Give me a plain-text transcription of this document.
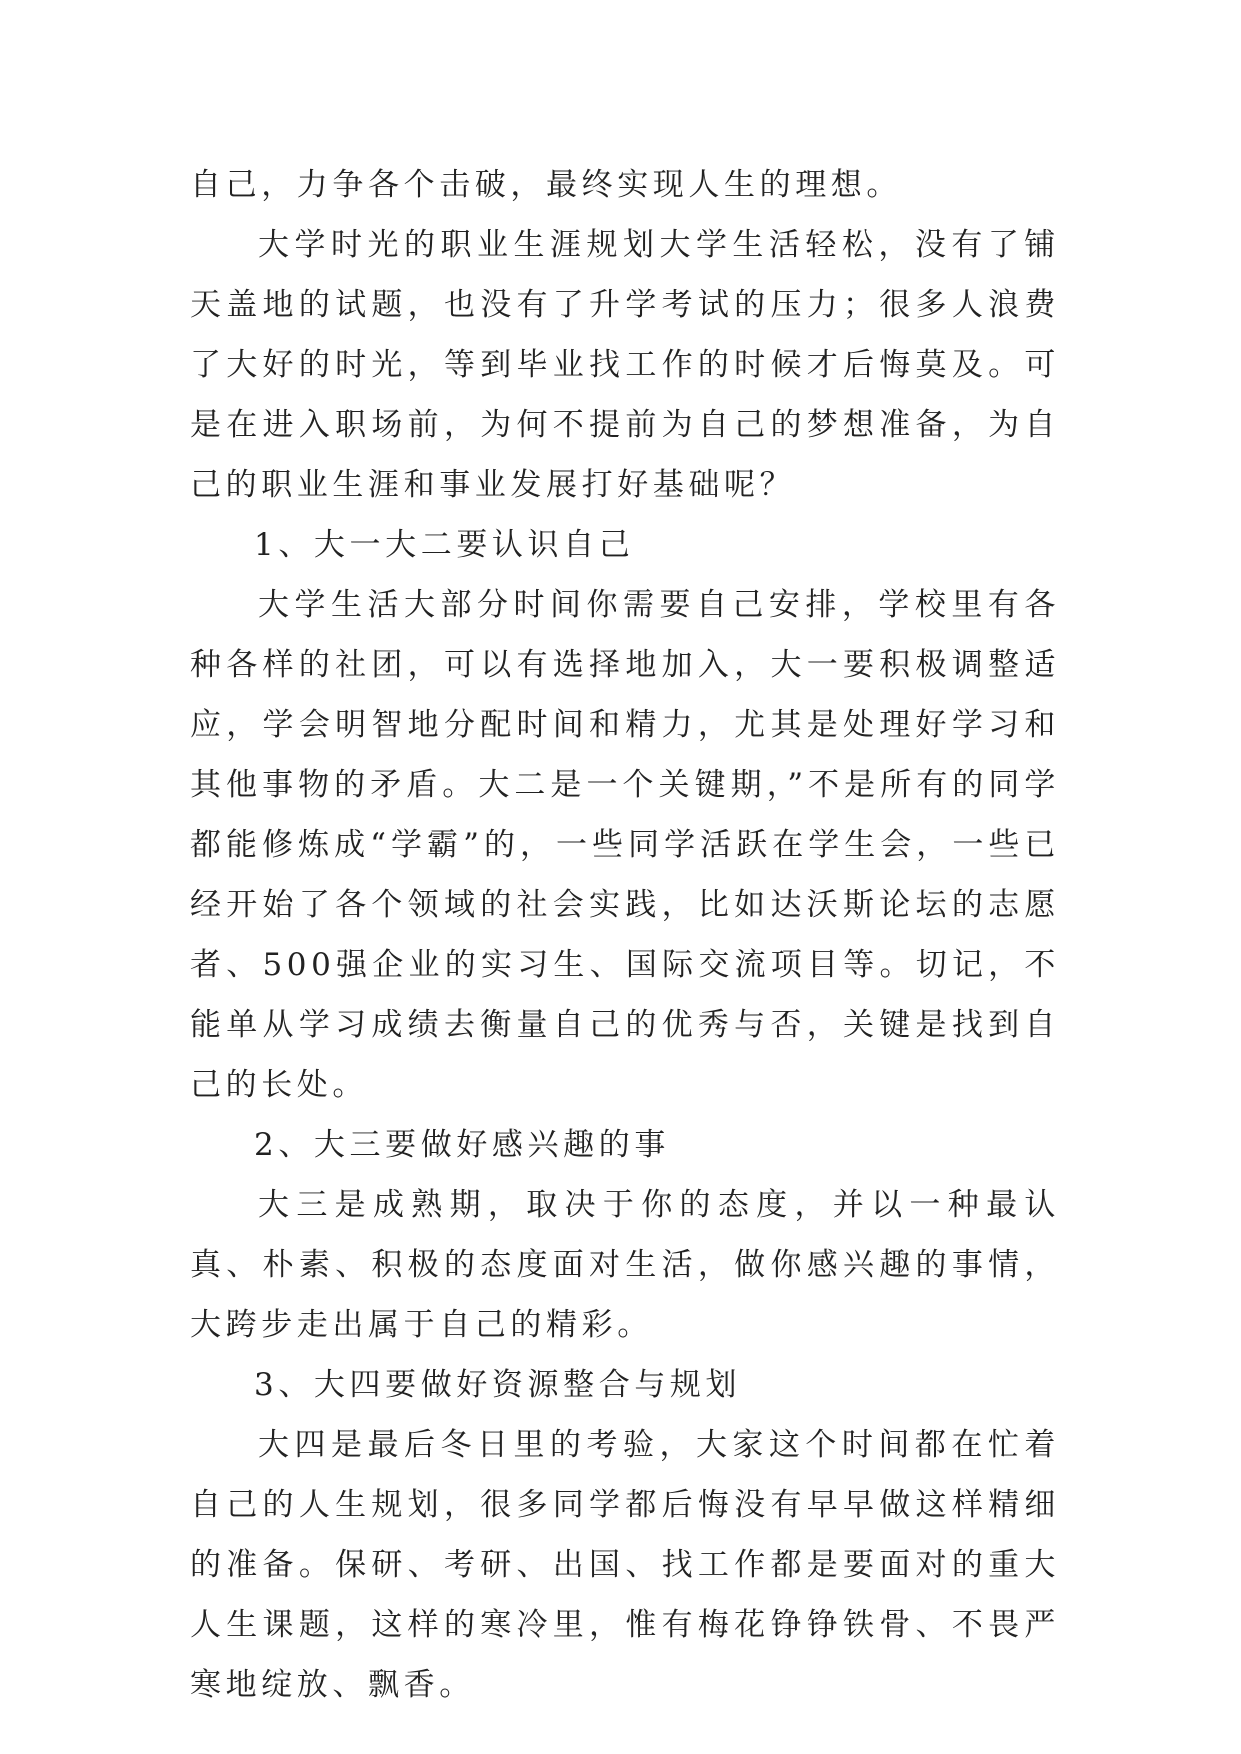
自己，力争各个击破，最终实现人生的理想。

大学时光的职业生涯规划大学生活轻松，没有了铺天盖地的试题，也没有了升学考试的压力；很多人浪费了大好的时光，等到毕业找工作的时候才后悔莫及。可是在进入职场前，为何不提前为自己的梦想准备，为自己的职业生涯和事业发展打好基础呢？

1、大一大二要认识自己

大学生活大部分时间你需要自己安排，学校里有各种各样的社团，可以有选择地加入，大一要积极调整适应，学会明智地分配时间和精力，尤其是处理好学习和其他事物的矛盾。大二是一个关键期，”不是所有的同学都能修炼成“学霸”的，一些同学活跃在学生会，一些已经开始了各个领域的社会实践，比如达沃斯论坛的志愿者、500强企业的实习生、国际交流项目等。切记，不能单从学习成绩去衡量自己的优秀与否，关键是找到自己的长处。

2、大三要做好感兴趣的事

大三是成熟期，取决于你的态度，并以一种最认真、朴素、积极的态度面对生活，做你感兴趣的事情，大跨步走出属于自己的精彩。

3、大四要做好资源整合与规划

大四是最后冬日里的考验，大家这个时间都在忙着自己的人生规划，很多同学都后悔没有早早做这样精细的准备。保研、考研、出国、找工作都是要面对的重大人生课题，这样的寒冷里，惟有梅花铮铮铁骨、不畏严寒地绽放、飘香。
